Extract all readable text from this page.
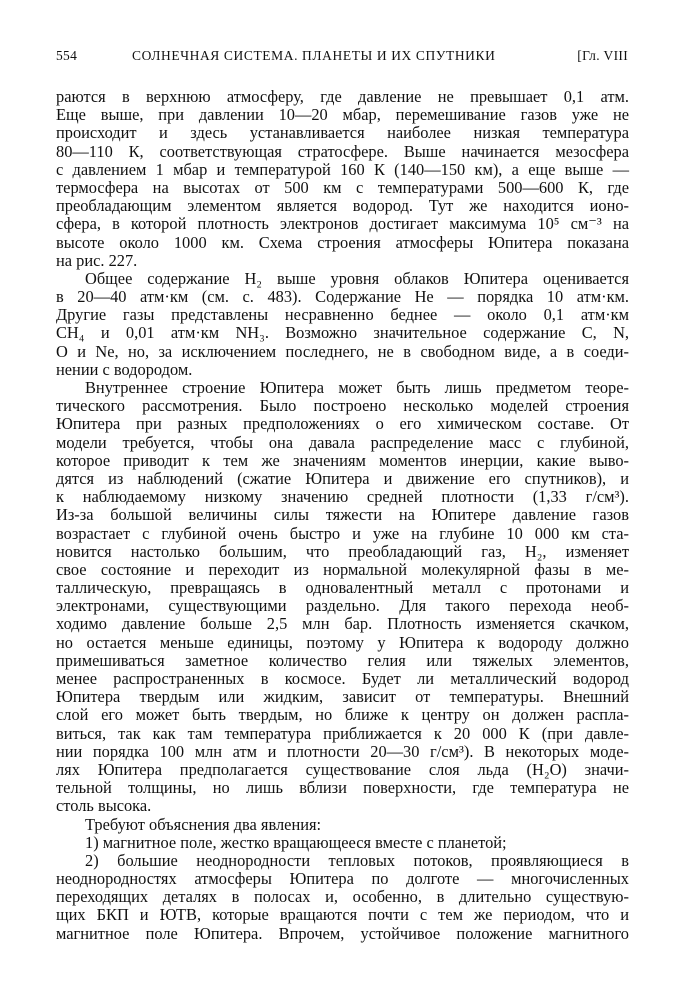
554	СОЛНЕЧНАЯ СИСТЕМА. ПЛАНЕТЫ И ИХ СПУТНИКИ	[Гл. VIII
раются в верхнюю атмосферу, где давление не превышает 0,1 атм.
Еще выше, при давлении 10—20 мбар, перемешивание газов уже не
происходит и здесь устанавливается наиболее низкая температура
80—110 К, соответствующая стратосфере. Выше начинается мезосфера
с давлением 1 мбар и температурой 160 К (140—150 км), а еще выше —
термосфера на высотах от 500 км с температурами 500—600 К, где
преобладающим элементом является водород. Тут же находится ионо-
сфера, в которой плотность электронов достигает максимума 10⁵ см⁻³ на
высоте около 1000 км. Схема строения атмосферы Юпитера показана
на рис. 227.
Общее содержание H₂ выше уровня облаков Юпитера оценивается
в 20—40 атм·км (см. с. 483). Содержание He — порядка 10 атм·км.
Другие газы представлены несравненно беднее — около 0,1 атм·км
CH₄ и 0,01 атм·км NH₃. Возможно значительное содержание C, N,
O и Ne, но, за исключением последнего, не в свободном виде, а в соеди-
нении с водородом.
Внутреннее строение Юпитера может быть лишь предметом теоре-
тического рассмотрения. Было построено несколько моделей строения
Юпитера при разных предположениях о его химическом составе. От
модели требуется, чтобы она давала распределение масс с глубиной,
которое приводит к тем же значениям моментов инерции, какие выво-
дятся из наблюдений (сжатие Юпитера и движение его спутников), и
к наблюдаемому низкому значению средней плотности (1,33 г/см³).
Из-за большой величины силы тяжести на Юпитере давление газов
возрастает с глубиной очень быстро и уже на глубине 10 000 км ста-
новится настолько большим, что преобладающий газ, H₂, изменяет
свое состояние и переходит из нормальной молекулярной фазы в ме-
таллическую, превращаясь в одновалентный металл с протонами и
электронами, существующими раздельно. Для такого перехода необ-
ходимо давление больше 2,5 млн бар. Плотность изменяется скачком,
но остается меньше единицы, поэтому у Юпитера к водороду должно
примешиваться заметное количество гелия или тяжелых элементов,
менее распространенных в космосе. Будет ли металлический водород
Юпитера твердым или жидким, зависит от температуры. Внешний
слой его может быть твердым, но ближе к центру он должен распла-
виться, так как там температура приближается к 20 000 К (при давле-
нии порядка 100 млн атм и плотности 20—30 г/см³). В некоторых моде-
лях Юпитера предполагается существование слоя льда (H₂O) значи-
тельной толщины, но лишь вблизи поверхности, где температура не
столь высока.
Требуют объяснения два явления:
1) магнитное поле, жестко вращающееся вместе с планетой;
2) большие неоднородности тепловых потоков, проявляющиеся в
неоднородностях атмосферы Юпитера по долготе — многочисленных
переходящих деталях в полосах и, особенно, в длительно существую-
щих БКП и ЮТВ, которые вращаются почти с тем же периодом, что и
магнитное поле Юпитера. Впрочем, устойчивое положение магнитного
